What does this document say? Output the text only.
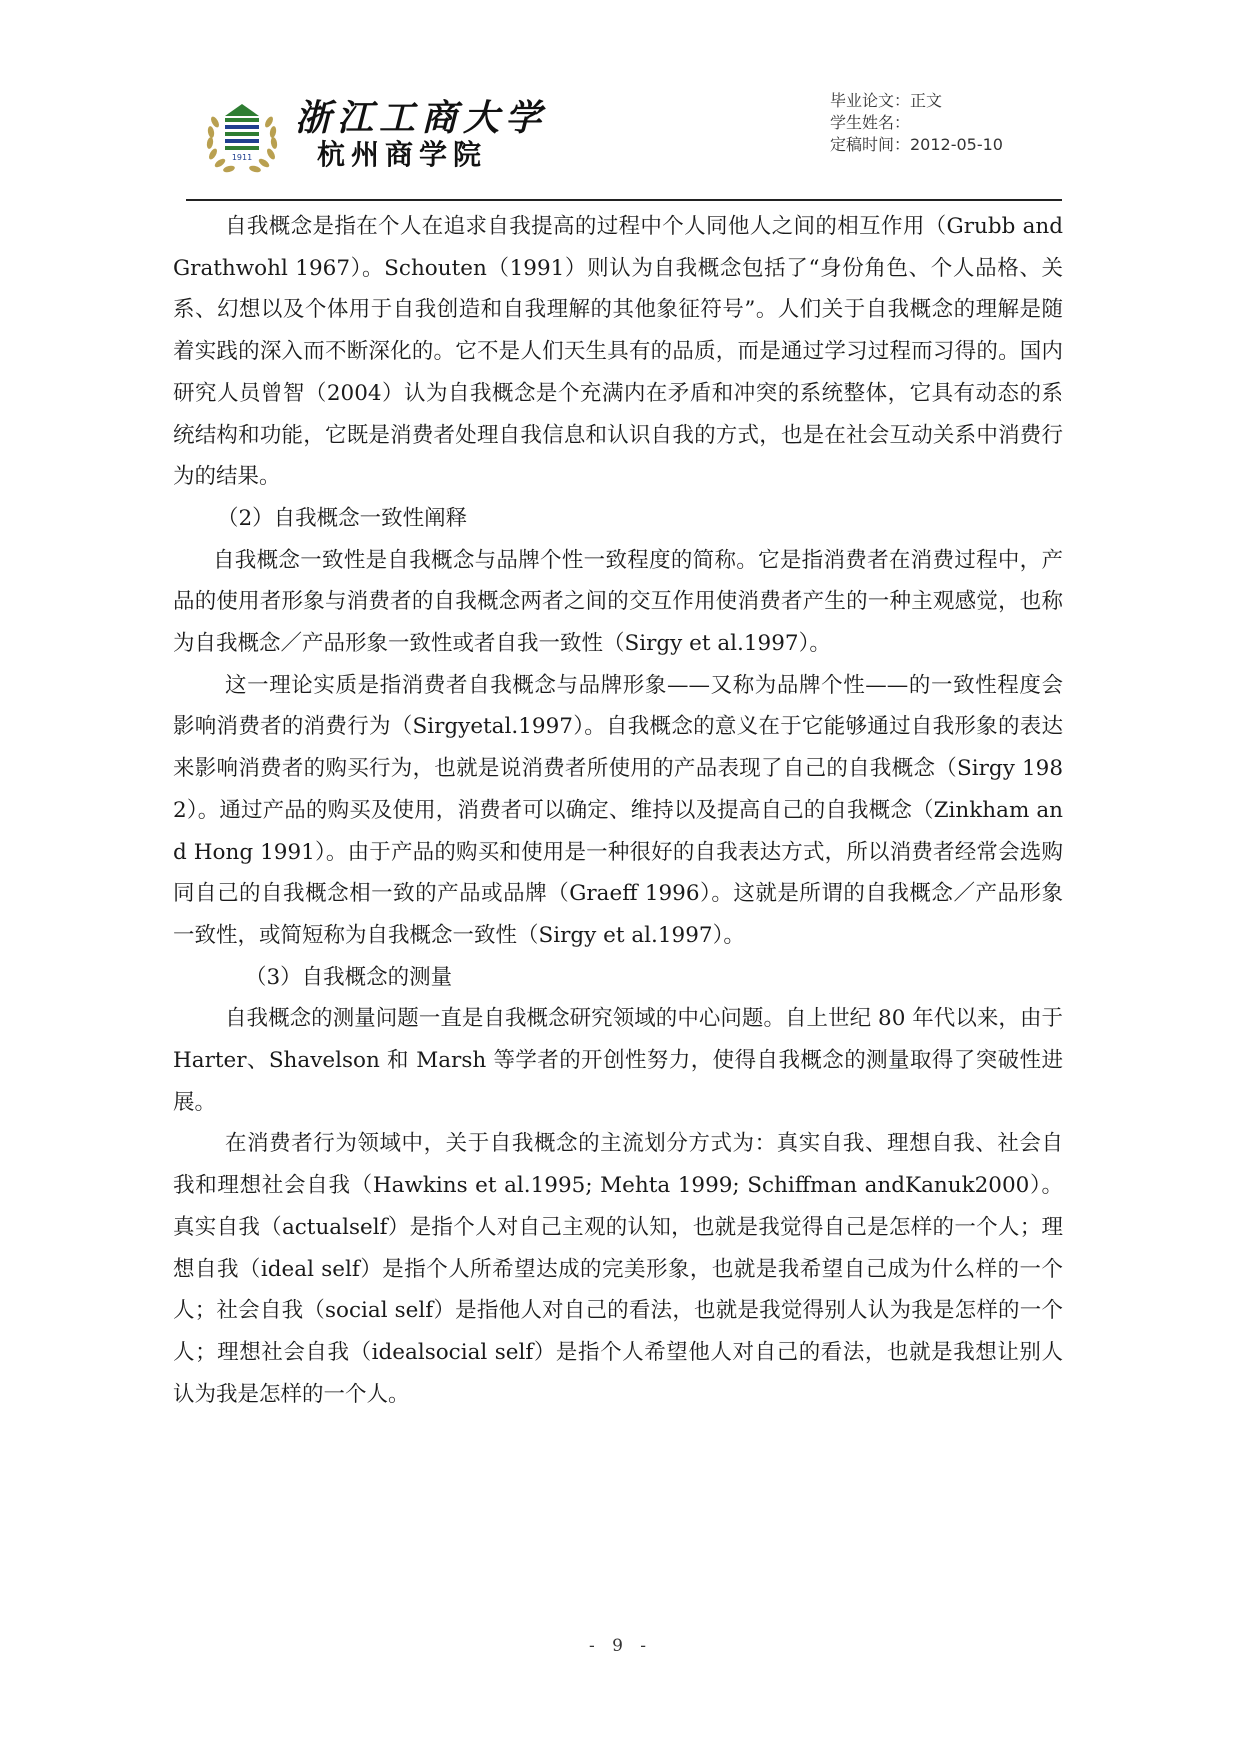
1911
浙江工商大学
杭州商学院
毕业论文：正文
学生姓名：
定稿时间：2012-05-10

自我概念是指在个人在追求自我提高的过程中个人同他人之间的相互作用（Grubb and Grathwohl 1967）。Schouten（1991）则认为自我概念包括了“身份角色、个人品格、关系、幻想以及个体用于自我创造和自我理解的其他象征符号”。人们关于自我概念的理解是随着实践的深入而不断深化的。它不是人们天生具有的品质，而是通过学习过程而习得的。国内研究人员曾智（2004）认为自我概念是个充满内在矛盾和冲突的系统整体，它具有动态的系统结构和功能，它既是消费者处理自我信息和认识自我的方式，也是在社会互动关系中消费行为的结果。

（2）自我概念一致性阐释

自我概念一致性是自我概念与品牌个性一致程度的简称。它是指消费者在消费过程中，产品的使用者形象与消费者的自我概念两者之间的交互作用使消费者产生的一种主观感觉，也称为自我概念／产品形象一致性或者自我一致性（Sirgy et al.1997）。

这一理论实质是指消费者自我概念与品牌形象——又称为品牌个性——的一致性程度会影响消费者的消费行为（Sirgyetal.1997）。自我概念的意义在于它能够通过自我形象的表达来影响消费者的购买行为，也就是说消费者所使用的产品表现了自己的自我概念（Sirgy 1982）。通过产品的购买及使用，消费者可以确定、维持以及提高自己的自我概念（Zinkham and Hong 1991）。由于产品的购买和使用是一种很好的自我表达方式，所以消费者经常会选购同自己的自我概念相一致的产品或品牌（Graeff 1996）。这就是所谓的自我概念／产品形象一致性，或简短称为自我概念一致性（Sirgy et al.1997）。

（3）自我概念的测量

自我概念的测量问题一直是自我概念研究领域的中心问题。自上世纪 80 年代以来，由于 Harter、Shavelson 和 Marsh 等学者的开创性努力，使得自我概念的测量取得了突破性进展。

在消费者行为领域中，关于自我概念的主流划分方式为：真实自我、理想自我、社会自我和理想社会自我（Hawkins et al.1995; Mehta 1999; Schiffman andKanuk2000）。真实自我（actualself）是指个人对自己主观的认知，也就是我觉得自己是怎样的一个人；理想自我（ideal self）是指个人所希望达成的完美形象，也就是我希望自己成为什么样的一个人；社会自我（social self）是指他人对自己的看法，也就是我觉得别人认为我是怎样的一个人；理想社会自我（idealsocial self）是指个人希望他人对自己的看法，也就是我想让别人认为我是怎样的一个人。

- 9 -
